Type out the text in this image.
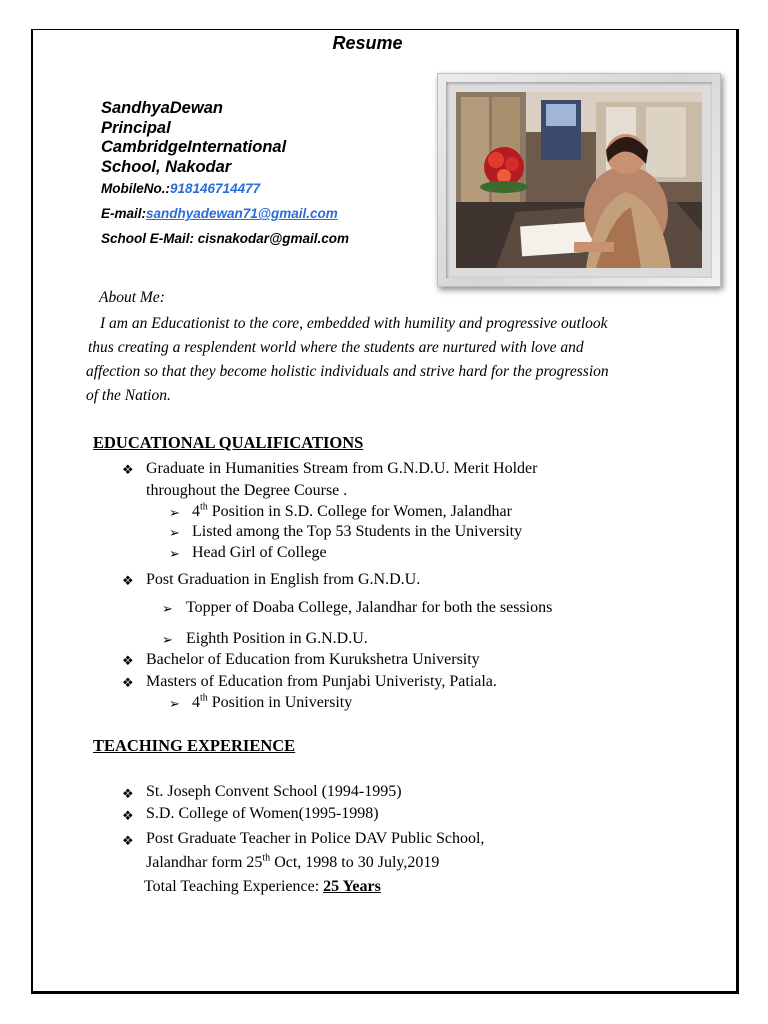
Resume
SandhyaDewan
Principal
CambridgeInternational
School, Nakodar
MobileNo.:918146714477
E-mail:sandhyadewan71@gmail.com
School E-Mail: cisnakodar@gmail.com
About Me:
I am an Educationist to the core, embedded with humility and progressive outlook
thus creating a resplendent world where the students are nurtured with love and
affection so that they become holistic individuals and strive hard for the progression
of the Nation.
EDUCATIONAL QUALIFICATIONS
❖ Graduate in Humanities Stream from G.N.D.U. Merit Holder
throughout the Degree Course .
➢ 4th Position in S.D. College for Women, Jalandhar
➢ Listed among the Top 53 Students in the University
➢ Head Girl of College
❖ Post Graduation in English from G.N.D.U.
➢ Topper of Doaba College, Jalandhar for both the sessions
➢ Eighth Position in G.N.D.U.
❖ Bachelor of Education from Kurukshetra University
❖ Masters of Education from Punjabi Univeristy, Patiala.
➢ 4th Position in University
TEACHING EXPERIENCE
❖ St. Joseph Convent School (1994-1995)
❖ S.D. College of Women(1995-1998)
❖ Post Graduate Teacher in Police DAV Public School,
Jalandhar form 25th Oct, 1998 to 30 July,2019
Total Teaching Experience: 25 Years
